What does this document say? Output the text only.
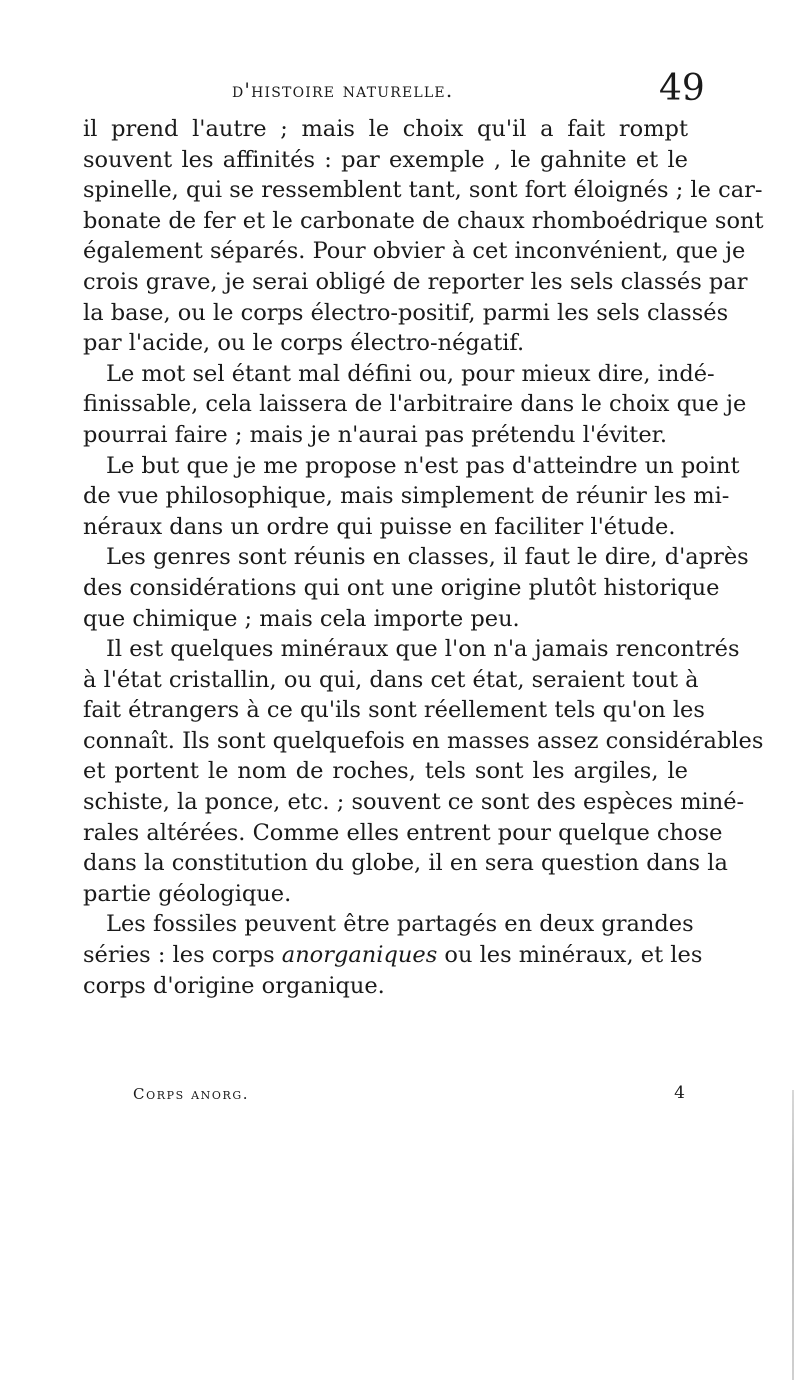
d'histoire naturelle.	49
il prend l'autre ; mais le choix qu'il a fait rompt
souvent les affinités : par exemple , le gahnite et le
spinelle, qui se ressemblent tant, sont fort éloignés ; le car-
bonate de fer et le carbonate de chaux rhomboédrique sont
également séparés. Pour obvier à cet inconvénient, que je
crois grave, je serai obligé de reporter les sels classés par
la base, ou le corps électro-positif, parmi les sels classés
par l'acide, ou le corps électro-négatif.
Le mot sel étant mal défini ou, pour mieux dire, indé-
finissable, cela laissera de l'arbitraire dans le choix que je
pourrai faire ; mais je n'aurai pas prétendu l'éviter.
Le but que je me propose n'est pas d'atteindre un point
de vue philosophique, mais simplement de réunir les mi-
néraux dans un ordre qui puisse en faciliter l'étude.
Les genres sont réunis en classes, il faut le dire, d'après
des considérations qui ont une origine plutôt historique
que chimique ; mais cela importe peu.
Il est quelques minéraux que l'on n'a jamais rencontrés
à l'état cristallin, ou qui, dans cet état, seraient tout à
fait étrangers à ce qu'ils sont réellement tels qu'on les
connaît. Ils sont quelquefois en masses assez considérables
et portent le nom de roches, tels sont les argiles, le
schiste, la ponce, etc. ; souvent ce sont des espèces miné-
rales altérées. Comme elles entrent pour quelque chose
dans la constitution du globe, il en sera question dans la
partie géologique.
Les fossiles peuvent être partagés en deux grandes
séries : les corps anorganiques ou les minéraux, et les
corps d'origine organique.
Corps anorg.	4
